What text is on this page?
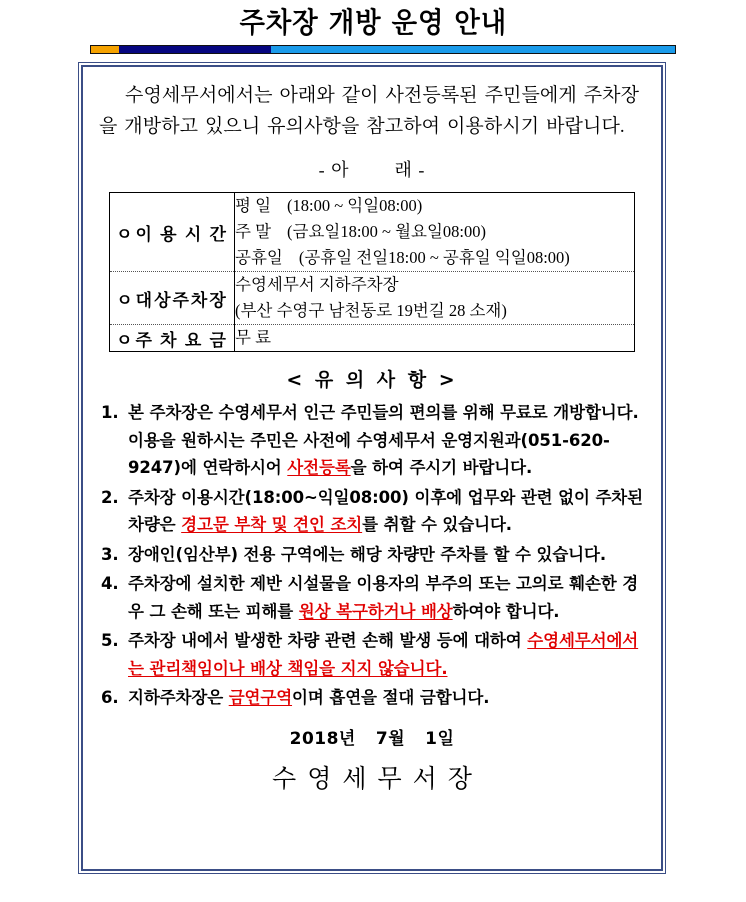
주차장 개방 운영 안내

수영세무서에서는 아래와 같이 사전등록된 주민들에게 주차장을 개방하고 있으니 유의사항을 참고하여 이용하시기 바랍니다.

- 아	래 -
ㅇ이 용 시 간	평 일 (18:00 ~ 익일08:00)
주 말 (금요일18:00 ~ 월요일08:00)
공휴일 (공휴일 전일18:00 ~ 공휴일 익일08:00)

ㅇ대상주차장	수영세무서 지하주차장
(부산 수영구 남천동로 19번길 28 소재)

ㅇ주 차 요 금	무 료
< 유 의 사 항 >
1. 본 주차장은 수영세무서 인근 주민들의 편의를 위해 무료로 개방합니다. 이용을 원하시는 주민은 사전에 수영세무서 운영지원과(051-620-9247)에 연락하시어 사전등록을 하여 주시기 바랍니다.
2. 주차장 이용시간(18:00~익일08:00) 이후에 업무와 관련 없이 주차된 차량은 경고문 부착 및 견인 조치를 취할 수 있습니다.
3. 장애인(임산부) 전용 구역에는 해당 차량만 주차를 할 수 있습니다.
4. 주차장에 설치한 제반 시설물을 이용자의 부주의 또는 고의로 훼손한 경우 그 손해 또는 피해를 원상 복구하거나 배상하여야 합니다.
5. 주차장 내에서 발생한 차량 관련 손해 발생 등에 대하여 수영세무서에서는 관리책임이나 배상 책임을 지지 않습니다.
6. 지하주차장은 금연구역이며 흡연을 절대 금합니다.
2018년 7월 1일
수영세무서장
